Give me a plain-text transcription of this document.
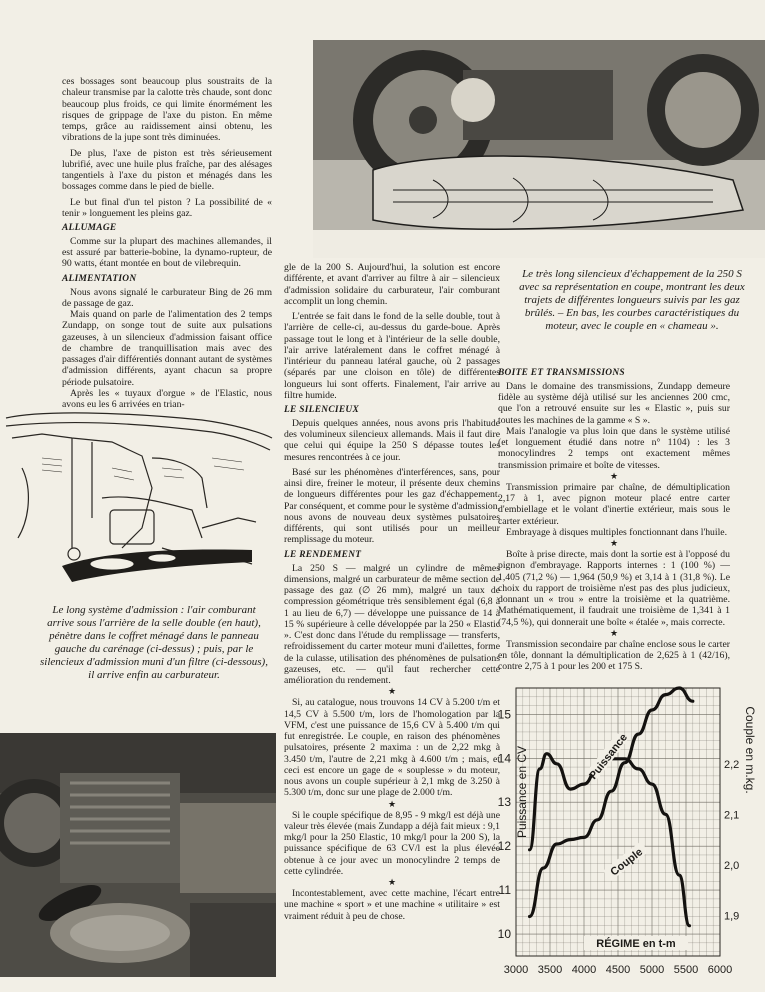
ces bossages sont beaucoup plus soustraits de la chaleur transmise par la calotte très chaude, sont donc beaucoup plus froids, ce qui limite énormément les risques de grippage de l'axe du piston. En même temps, grâce au raidissement ainsi obtenu, les vibrations de la jupe sont très diminuées.

De plus, l'axe de piston est très sérieusement lubrifié, avec une huile plus fraîche, par des alésages tangentiels à l'axe du piston et ménagés dans les bossages comme dans le pied de bielle.

Le but final d'un tel piston ? La possibilité de « tenir » longuement les pleins gaz.

ALLUMAGE

Comme sur la plupart des machines allemandes, il est assuré par batterie-bobine, la dynamo-rupteur, de 90 watts, étant montée en bout de vilebrequin.

ALIMENTATION

Nous avons signalé le carburateur Bing de 26 mm de passage de gaz.

Mais quand on parle de l'alimentation des 2 temps Zundapp, on songe tout de suite aux pulsations gazeuses, à un silencieux d'admission faisant office de chambre de tranquillisation mais avec des passages d'air différentiés donnant autant de systèmes d'admission différents, ayant chacun sa propre période pulsatoire.

Après les « tuyaux d'orgue » de l'Elastic, nous avons eu les 6 arrivées en trian-

Le long système d'admission : l'air comburant arrive sous l'arrière de la selle double (en haut), pénètre dans le coffret ménagé dans le panneau gauche du carénage (ci-dessus) ; puis, par le silencieux d'admission muni d'un filtre (ci-dessous), il arrive enfin au carburateur.

gle de la 200 S. Aujourd'hui, la solution est encore différente, et avant d'arriver au filtre à air – silencieux d'admission solidaire du carburateur, l'air comburant accomplit un long chemin.

L'entrée se fait dans le fond de la selle double, tout à l'arrière de celle-ci, au-dessus du garde-boue. Après passage tout le long et à l'intérieur de la selle double, l'air arrive latéralement dans le coffret ménagé à l'intérieur du panneau latéral gauche, où 2 passages (séparés par une cloison en tôle) de différentes longueurs lui sont offerts. Finalement, l'air arrive au filtre humide.

LE SILENCIEUX

Depuis quelques années, nous avons pris l'habitude des volumineux silencieux allemands. Mais il faut dire que celui qui équipe la 250 S dépasse toutes les mesures rencontrées à ce jour.

Basé sur les phénomènes d'interférences, sans, pour ainsi dire, freiner le moteur, il présente deux chemins de longueurs différentes pour les gaz d'échappement. Par conséquent, et comme pour le système d'admission, nous avons de nouveau deux systèmes pulsatoires différents, qui sont utilisés pour un meilleur remplissage du moteur.

LE RENDEMENT

La 250 S — malgré un cylindre de mêmes dimensions, malgré un carburateur de même section de passage des gaz (∅ 26 mm), malgré un taux de compression géométrique très sensiblement égal (6,8 à 1 au lieu de 6,7) — développe une puissance de 14 à 15 % supérieure à celle développée par la 250 « Elastic ». C'est donc dans l'étude du remplissage — transferts, refroidissement du carter moteur muni d'ailettes, forme de la culasse, utilisation des phénomènes de pulsations gazeuses, etc. — qu'il faut rechercher cette amélioration du rendement.

★

Si, au catalogue, nous trouvons 14 CV à 5.200 t/m et 14,5 CV à 5.500 t/m, lors de l'homologation par la VFM, c'est une puissance de 15,6 CV à 5.400 t/m qui fut enregistrée. Le couple, en raison des phénomènes pulsatoires, présente 2 maxima : un de 2,22 mkg à 3.450 t/m, l'autre de 2,21 mkg à 4.600 t/m ; mais, et ceci est encore un gage de « souplesse » du moteur, nous avons un couple supérieur à 2,1 mkg de 3.250 à 5.300 t/m, donc sur une plage de 2.000 t/m.

★

Si le couple spécifique de 8,95 - 9 mkg/l est déjà une valeur très élevée (mais Zundapp a déjà fait mieux : 9,1 mkg/l pour la 250 Elastic, 10 mkg/l pour la 200 S), la puissance spécifique de 63 CV/l est la plus élevée obtenue à ce jour avec un monocylindre 2 temps de cette cylindrée.

★

Incontestablement, avec cette machine, l'écart entre une machine « sport » et une machine « utilitaire » est vraiment réduit à peu de chose.

Le très long silencieux d'échappement de la 250 S avec sa représentation en coupe, montrant les deux trajets de différentes longueurs suivis par les gaz brûlés. – En bas, les courbes caractéristiques du moteur, avec le couple en « chameau ».
BOITE ET TRANSMISSIONS

Dans le domaine des transmissions, Zundapp demeure fidèle au système déjà utilisé sur les anciennes 200 cmc, que l'on a retrouvé ensuite sur les « Elastic », puis sur toutes les machines de la gamme « S ».

Mais l'analogie va plus loin que dans le système utilisé (et longuement étudié dans notre n° 1104) : les 3 monocylindres 2 temps ont exactement mêmes transmission primaire et boîte de vitesses.

★

Transmission primaire par chaîne, de démultiplication 2,17 à 1, avec pignon moteur placé entre carter d'embiellage et le volant d'inertie extérieur, mais sous le carter extérieur.

Embrayage à disques multiples fonctionnant dans l'huile.

★

Boîte à prise directe, mais dont la sortie est à l'opposé du pignon d'embrayage. Rapports internes : 1 (100 %) — 1,405 (71,2 %) — 1,964 (50,9 %) et 3,14 à 1 (31,8 %). Le choix du rapport de troisième n'est pas des plus judicieux, donnant un « trou » entre la troisième et la quatrième. Mathématiquement, il faudrait une troisième de 1,341 à 1 (74,5 %), qui donnerait une boîte « étalée », mais correcte.

★

Transmission secondaire par chaîne enclose sous le carter en tôle, donnant la démultiplication de 2,625 à 1 (42/16), contre 2,75 à 1 pour les 200 et 175 S.

3000 3500 4000 4500 5000 5500 6000
10
11
12
13
14
15
1,9
2,0
2,1
2,2
Puissance
Couple
Puissance en CV	Couple en m.kg.
RÉGIME en t-m
